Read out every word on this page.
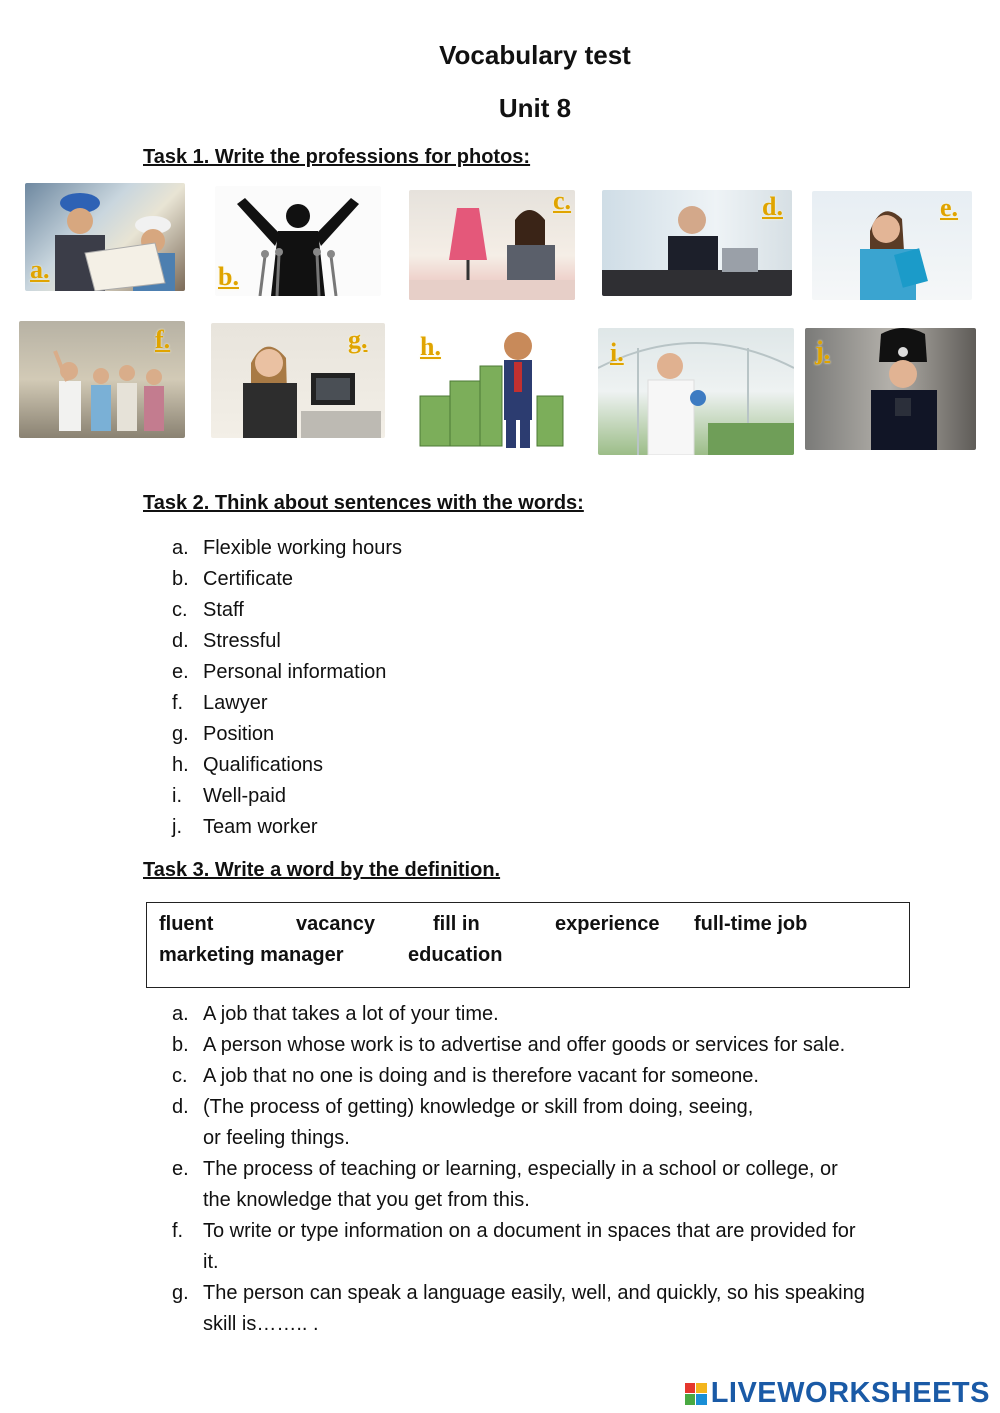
Vocabulary test
Unit 8
Task 1. Write the professions for photos:
a.	b.
c.	d.	e.
f.	g. h.	i.	j.
Task 2. Think about sentences with the words:
a. Flexible working hours
b. Certificate
c. Staff
d. Stressful
e. Personal information
f. Lawyer
g. Position
h. Qualifications
i.	Well-paid
j.	Team worker
Task 3. Write a word by the definition.
fluent	vacancy	fill in	experience full-time job
marketing manager	education
a. A job that takes a lot of your time.
b. A person whose work is to advertise and offer goods or services for sale.
c. A job that no one is doing and is therefore vacant for someone.
d. (The process of getting) knowledge or skill from doing, seeing,
or feeling things.
e. The process of teaching or learning, especially in a school or college, or
the knowledge that you get from this.
f. To write or type information on a document in spaces that are provided for
it.
g. The person can speak a language easily, well, and quickly, so his speaking
skill is…….. .
LIVEWORKSHEETS
